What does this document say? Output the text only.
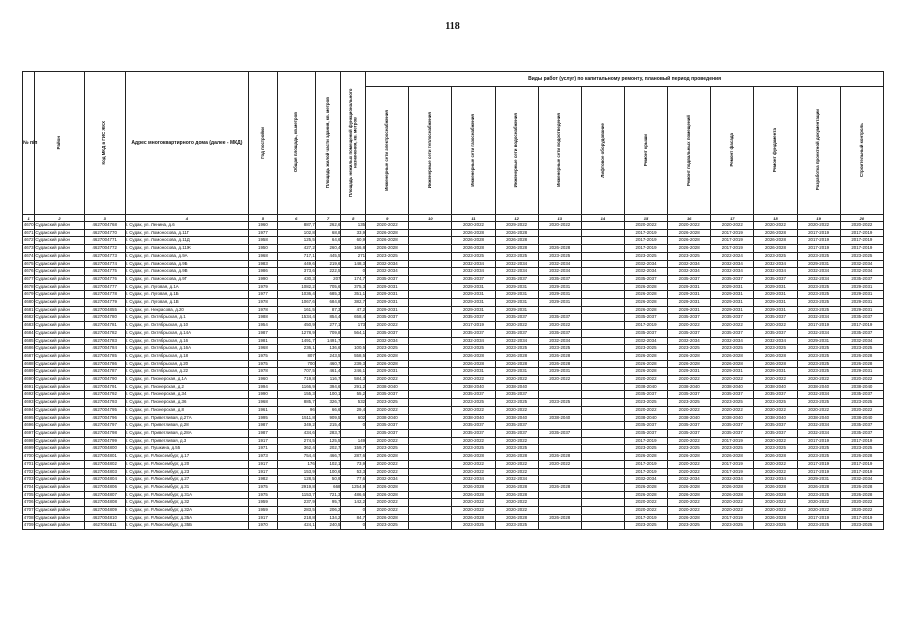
118
№ п/п	Район	Код МКД в ГИС ЖКХ	Адрес многоквартирного дома (далее - МКД)	Год постройки	Общая площадь, кв.метров	Площадь жилой части здания, кв. метров	Площадь нежилых помещений функционального назначения, кв. метров	Виды работ (услуг) по капитальному ремонту, плановый период проведения											
								Инженерные сети электроснабжения	Инженерные сети теплоснабжения	Инженерные сети газоснабжения	Инженерные сети водоснабжения	Инженерные сети водоотведения	Лифтовое оборудование	Ремонт крыши	Ремонт подвальных помещений	Ремонт фасада	Ремонт фундамента	Разработка проектной документации	Строительный контроль
1	2	3	4	5	6	7	8	9	10	11	12	13	14	15	16	17	18	19	20
4670	Судакский район	4627004768	г. Судак, ул. Ленина, д.6	1960	887,7	262,6	135	2020-2022		2020-2022	2029-2022	2020-2022		2020-2022	2020-2022	2020-2022	2020-2022	2020-2022	2020-2022
4671	Судакский район	4627004770	г. Судак, ул. Ломоносова, д.11Г	1977	102,8	68,8	33,9	2026-2028		2026-2028	2026-2028			2017-2019	2026-2028	2017-2019	2026-2028	2017-2019	2017-2019
4672	Судакский район	4627004771	г. Судак, ул. Ломоносова, д.11Д	1958	125,5	64,6	60,9	2026-2028		2026-2028	2026-2028			2017-2019	2026-2028	2017-2019	2026-2028	2017-2019	2017-2019
4673	Судакский район	4627004772	г. Судак, ул. Ломоносова, д.11Ж	1950	427,2	260,4	166,8	2026-2028		2026-2028	2026-2028	2026-2028		2017-2019	2026-2028	2017-2019	2026-2028	2017-2019	2017-2019
4674	Судакский район	4627004773	г. Судак, ул. Ломоносова, д.9А	1968	717,1	445,5	271	2023-2025		2023-2025	2023-2025	2023-2025		2023-2025	2023-2025	2022-2024	2023-2025	2023-2025	2023-2025
4675	Судакский район	4627004774	г. Судак, ул. Ломоносова, д.9Б	1983	449,6	219,6	148,3	2032-2034		2032-2034	2032-2034	2032-2034		2032-2034	2032-2034	2032-2034	2032-2034	2029-2031	2032-2034
4676	Судакский район	4627004775	г. Судак, ул. Ломоносова, д.9В	1986	373,6	222,5	0	2032-2034		2032-2034	2032-2034	2032-2034		2032-2034	2032-2034	2032-2034	2032-2034	2032-2034	2032-2034
4677	Судакский район	4627004776	г. Судак, ул. Ломоносова, д.9Г	1990	430,3	207	174,7	2035-2037		2035-2037	2035-2037	2035-2037		2035-2037	2035-2037	2035-2037	2035-2037	2032-2034	2035-2037
4678	Судакский район	4627004777	г. Судак, ул. Луговая, д.1А	1979	1082,2	705,6	375,3	2029-2031		2029-2031	2029-2031	2029-2031		2026-2028	2029-2031	2029-2031	2029-2031	2023-2025	2029-2031
4679	Судакский район	4627004778	г. Судак, ул. Луговая, д.1Б	1977	1036,4	685,3	351,1	2029-2031		2029-2031	2029-2031	2029-2031		2026-2028	2029-2031	2029-2031	2029-2031	2023-2025	2029-2031
4680	Судакский район	4627004779	г. Судак, ул. Луговая, д.1В	1978	1067,6	684,8	382,7	2029-2031		2029-2031	2029-2031	2029-2031		2026-2028	2029-2031	2029-2031	2029-2031	2023-2025	2029-2031
4681	Судакский район	4627004855	г. Судак, ул. Некрасова, д.20	1978	161,5	87,3	47,2	2029-2031		2029-2031	2029-2031			2026-2028	2029-2031	2029-2031	2029-2031	2023-2025	2029-2031
4682	Судакский район	4627004780	г. Судак, ул. Октябрьская, д.1	1988	1534,4	854,4	658,4	2035-2037		2035-2037	2035-2037	2035-2037		2035-2037	2035-2037	2035-2037	2035-2037	2032-2034	2035-2037
4683	Судакский район	4627004781	г. Судак, ул. Октябрьская, д.10	1954	450,9	277,1	173	2020-2022		2017-2019	2020-2022	2020-2022		2017-2019	2020-2022	2020-2022	2020-2022	2017-2019	2017-2019
4684	Судакский район	4627004782	г. Судак, ул. Октябрьская, д.14А	1987	1278,9	709,8	564,1	2035-2037		2035-2037	2035-2037	2035-2037		2035-2037	2035-2037	2035-2037	2035-2037	2032-2034	2035-2037
4685	Судакский район	4627004783	г. Судак, ул. Октябрьская, д.16	1981	1491,7	1491,7		2032-2034		2032-2034	2032-2034	2032-2034		2032-2034	2032-2034	2032-2034	2032-2034	2029-2031	2032-2034
4686	Судакский район	4627004784	г. Судак, ул. Октябрьская, д.16А	1968	236,1	136,6	100,5	2023-2025		2023-2025	2023-2025	2023-2025		2023-2025	2023-2025	2023-2025	2023-2025	2023-2025	2023-2025
4687	Судакский район	4627004785	г. Судак, ул. Октябрьская, д.18	1975	807	243,5	558,5	2026-2028		2026-2028	2026-2028	2026-2028		2026-2028	2026-2028	2026-2028	2026-2028	2023-2025	2026-2028
4688	Судакский район	4627004786	г. Судак, ул. Октябрьская, д.20	1975	700	460,7	239,3	2026-2028		2026-2028	2026-2028	2026-2028		2026-2028	2026-2028	2026-2028	2026-2028	2023-2025	2026-2028
4689	Судакский район	4627004787	г. Судак, ул. Октябрьская, д.22	1978	707,5	461,4	246,1	2029-2031		2029-2031	2029-2031	2029-2031		2026-2028	2029-2031	2029-2031	2029-2031	2023-2025	2029-2031
4690	Судакский район	4627004790	г. Судак, ул. Пионерская, д.1А	1960	719,8	116,7	584,3	2020-2022		2020-2022	2020-2022	2020-2022		2020-2022	2020-2022	2020-2022	2020-2022	2020-2022	2020-2022
4691	Судакский район	4627004791	г. Судак, ул. Пионерская, д.2	1994	1166,9	394,6	291,2	2038-2040		2038-2040	2038-2040			2038-2040	2038-2040	2038-2040	2038-2040	2038-2040	2038-2040
4692	Судакский район	4627004792	г. Судак, ул. Пионерская, д.34	1990	155,3	100,1	55,2	2035-2037		2035-2037	2035-2037			2035-2037	2035-2037	2035-2037	2035-2037	2032-2034	2035-2037
4693	Судакский район	4627004793	г. Судак, ул. Пионерская, д.36	1968	885,7	326,7	532	2023-2025		2023-2025	2023-2025	2023-2025		2023-2025	2023-2025	2023-2025	2023-2025	2023-2025	2023-2025
4694	Судакский район	4627004795	г. Судак, ул. Пионерская, д.8	1961	96	66,6	29,4	2020-2022		2020-2022	2020-2022			2020-2022	2020-2022	2020-2022	2020-2022	2020-2022	2020-2022
4695	Судакский район	4627004796	г. Судак, ул. Приветливая, д.27А	1995	1511,8	909,5	602	2038-2040		2038-2040	2038-2040	2038-2040		2038-2040	2038-2040	2038-2040	2038-2040	2038-2040	2038-2040
4696	Судакский район	4627004797	г. Судак, ул. Приветливая, д.28	1987	349,2	215,4	0	2035-2037		2035-2037	2035-2037			2035-2037	2035-2037	2035-2037	2035-2037	2032-2034	2035-2037
4697	Судакский район	4627004798	г. Судак, ул. Приветливая, д.28А	1987	434,6	283,7		2035-2037		2035-2037	2035-2037	2035-2037		2035-2037	2035-2037	2035-2037	2035-2037	2032-2034	2035-2037
4698	Судакский район	4627004799	г. Судак, ул. Приветливая, д.3	1917	274,5	125,5	149	2020-2022		2020-2022	2020-2022			2017-2019	2020-2022	2017-2019	2020-2022	2017-2019	2017-2019
4699	Судакский район	4627004800	г. Судак, ул. Пушкина, д.55	1971	362,4	202,7	159,7	2023-2025		2023-2025	2023-2025			2023-2025	2023-2025	2023-2025	2023-2025	2023-2025	2023-2025
4700	Судакский район	4627004801	г. Судак, ул. Р.Люксембург, д.17	1973	754,4	466,7	287,6	2026-2028		2026-2028	2026-2028	2026-2028		2026-2028	2026-2028	2026-2028	2026-2028	2023-2025	2026-2028
4701	Судакский район	4627004802	г. Судак, ул. Р.Люксембург, д.20	1917	176	102,1	73,9	2020-2022		2020-2022	2020-2022	2020-2022		2017-2019	2020-2022	2017-2019	2020-2022	2017-2019	2017-2019
4702	Судакский район	4627004803	г. Судак, ул. Р.Люксембург, д.23	1917	153,9	100,6	53,3	2020-2022		2020-2022	2020-2022			2017-2019	2020-2022	2017-2019	2020-2022	2017-2019	2017-2019
4703	Судакский район	4627004804	г. Судак, ул. Р.Люксембург, д.27	1982	128,5	50,9	77,6	2032-2034		2032-2034	2032-2034			2032-2034	2032-2034	2032-2034	2032-2034	2029-2031	2032-2034
4704	Судакский район	4627004806	г. Судак, ул. Р.Люксембург, д.31	1975	2919,8	668	1254,9	2026-2028		2026-2028	2026-2028	2026-2028		2026-2028	2026-2028	2026-2028	2026-2028	2026-2028	2026-2028
4705	Судакский район	4627004807	г. Судак, ул. Р.Люксембург, д.31А	1975	1153,7	721,3	486,6	2026-2028		2026-2028	2026-2028			2026-2028	2026-2028	2026-2028	2026-2028	2023-2025	2026-2028
4706	Судакский район	4627004808	г. Судак, ул. Р.Люксембург, д.32	1959	237,9	95,7	142,2	2020-2022		2020-2022	2020-2022			2020-2022	2020-2022	2020-2022	2020-2022	2020-2022	2020-2022
4707	Судакский район	4627004809	г. Судак, ул. Р.Люксембург, д.32А	1959	283,5	206,2	0	2020-2022		2020-2022	2020-2022			2020-2022	2020-2022	2020-2022	2020-2022	2020-2022	2020-2022
4708	Судакский район	4627004810	г. Судак, ул. Р.Люксембург, д.35А	1917	218,8	134,2	84,7	2026-2028		2026-2028	2026-2028	2026-2028		2017-2019	2026-2028	2017-2019	2026-2028	2017-2019	2017-2019
4709	Судакский район	4627004811	г. Судак, ул. Р.Люксембург, д.35Б	1970	424,1	240,5	0	2023-2025		2023-2025	2023-2025			2023-2025	2023-2025	2023-2025	2023-2025	2023-2025	2023-2025
